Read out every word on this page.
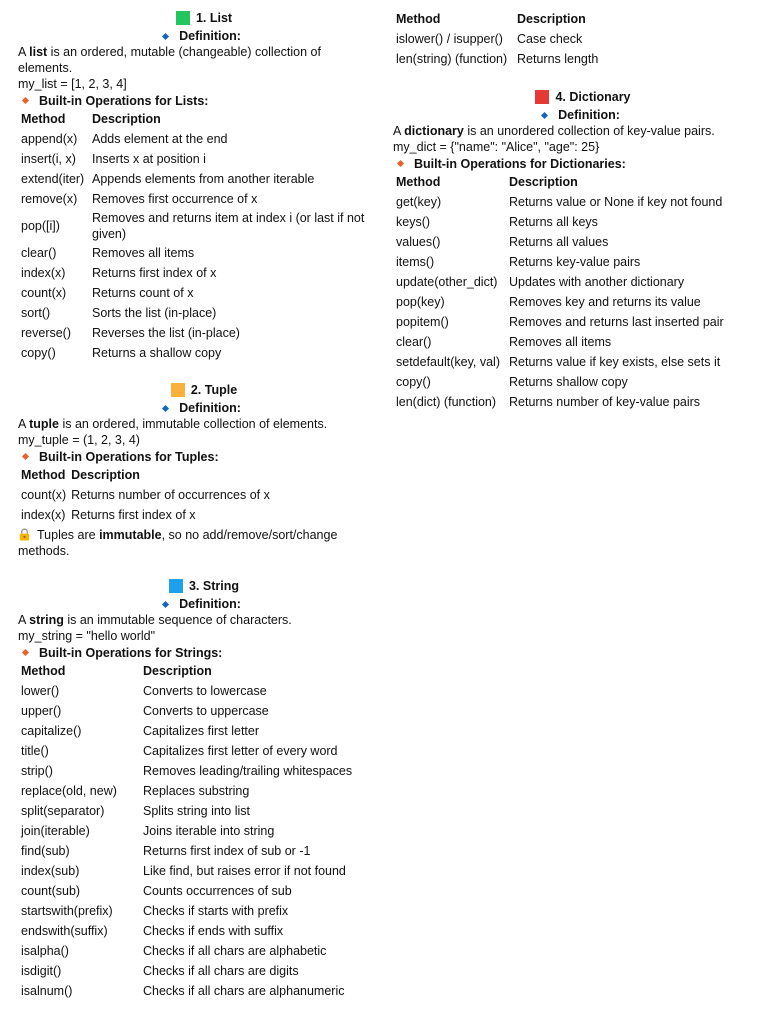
1. List
Definition:

A list is an ordered, mutable (changeable) collection of elements.

my_list = [1, 2, 3, 4]

Built-in Operations for Lists:
Method	Description
append(x)	Adds element at the end
insert(i, x)	Inserts x at position i
extend(iter)	Appends elements from another iterable
remove(x)	Removes first occurrence of x
pop([i])	Removes and returns item at index i (or last if not given)
clear()	Removes all items
index(x)	Returns first index of x
count(x)	Returns count of x
sort()	Sorts the list (in-place)
reverse()	Reverses the list (in-place)
copy()	Returns a shallow copy
2. Tuple
Definition:

A tuple is an ordered, immutable collection of elements.

my_tuple = (1, 2, 3, 4)

Built-in Operations for Tuples:
Method	Description
count(x)	Returns number of occurrences of x
index(x)	Returns first index of x

Tuples are immutable, so no add/remove/sort/change methods.

3. String
Definition:

A string is an immutable sequence of characters.

my_string = "hello world"

Built-in Operations for Strings:
Method	Description
lower()	Converts to lowercase
upper()	Converts to uppercase
capitalize()	Capitalizes first letter
title()	Capitalizes first letter of every word
strip()	Removes leading/trailing whitespaces
replace(old, new)	Replaces substring
split(separator)	Splits string into list
join(iterable)	Joins iterable into string
find(sub)	Returns first index of sub or -1
index(sub)	Like find, but raises error if not found
count(sub)	Counts occurrences of sub
startswith(prefix)	Checks if starts with prefix
endswith(suffix)	Checks if ends with suffix
isalpha()	Checks if all chars are alphabetic
isdigit()	Checks if all chars are digits
isalnum()	Checks if all chars are alphanumeric
Method	Description
islower() / isupper()	Case check
len(string) (function)	Returns length
4. Dictionary
Definition:

A dictionary is an unordered collection of key-value pairs.

my_dict = {"name": "Alice", "age": 25}

Built-in Operations for Dictionaries:
Method	Description
get(key)	Returns value or None if key not found
keys()	Returns all keys
values()	Returns all values
items()	Returns key-value pairs
update(other_dict)	Updates with another dictionary
pop(key)	Removes key and returns its value
popitem()	Removes and returns last inserted pair
clear()	Removes all items
setdefault(key, val)	Returns value if key exists, else sets it
copy()	Returns shallow copy
len(dict) (function)	Returns number of key-value pairs
